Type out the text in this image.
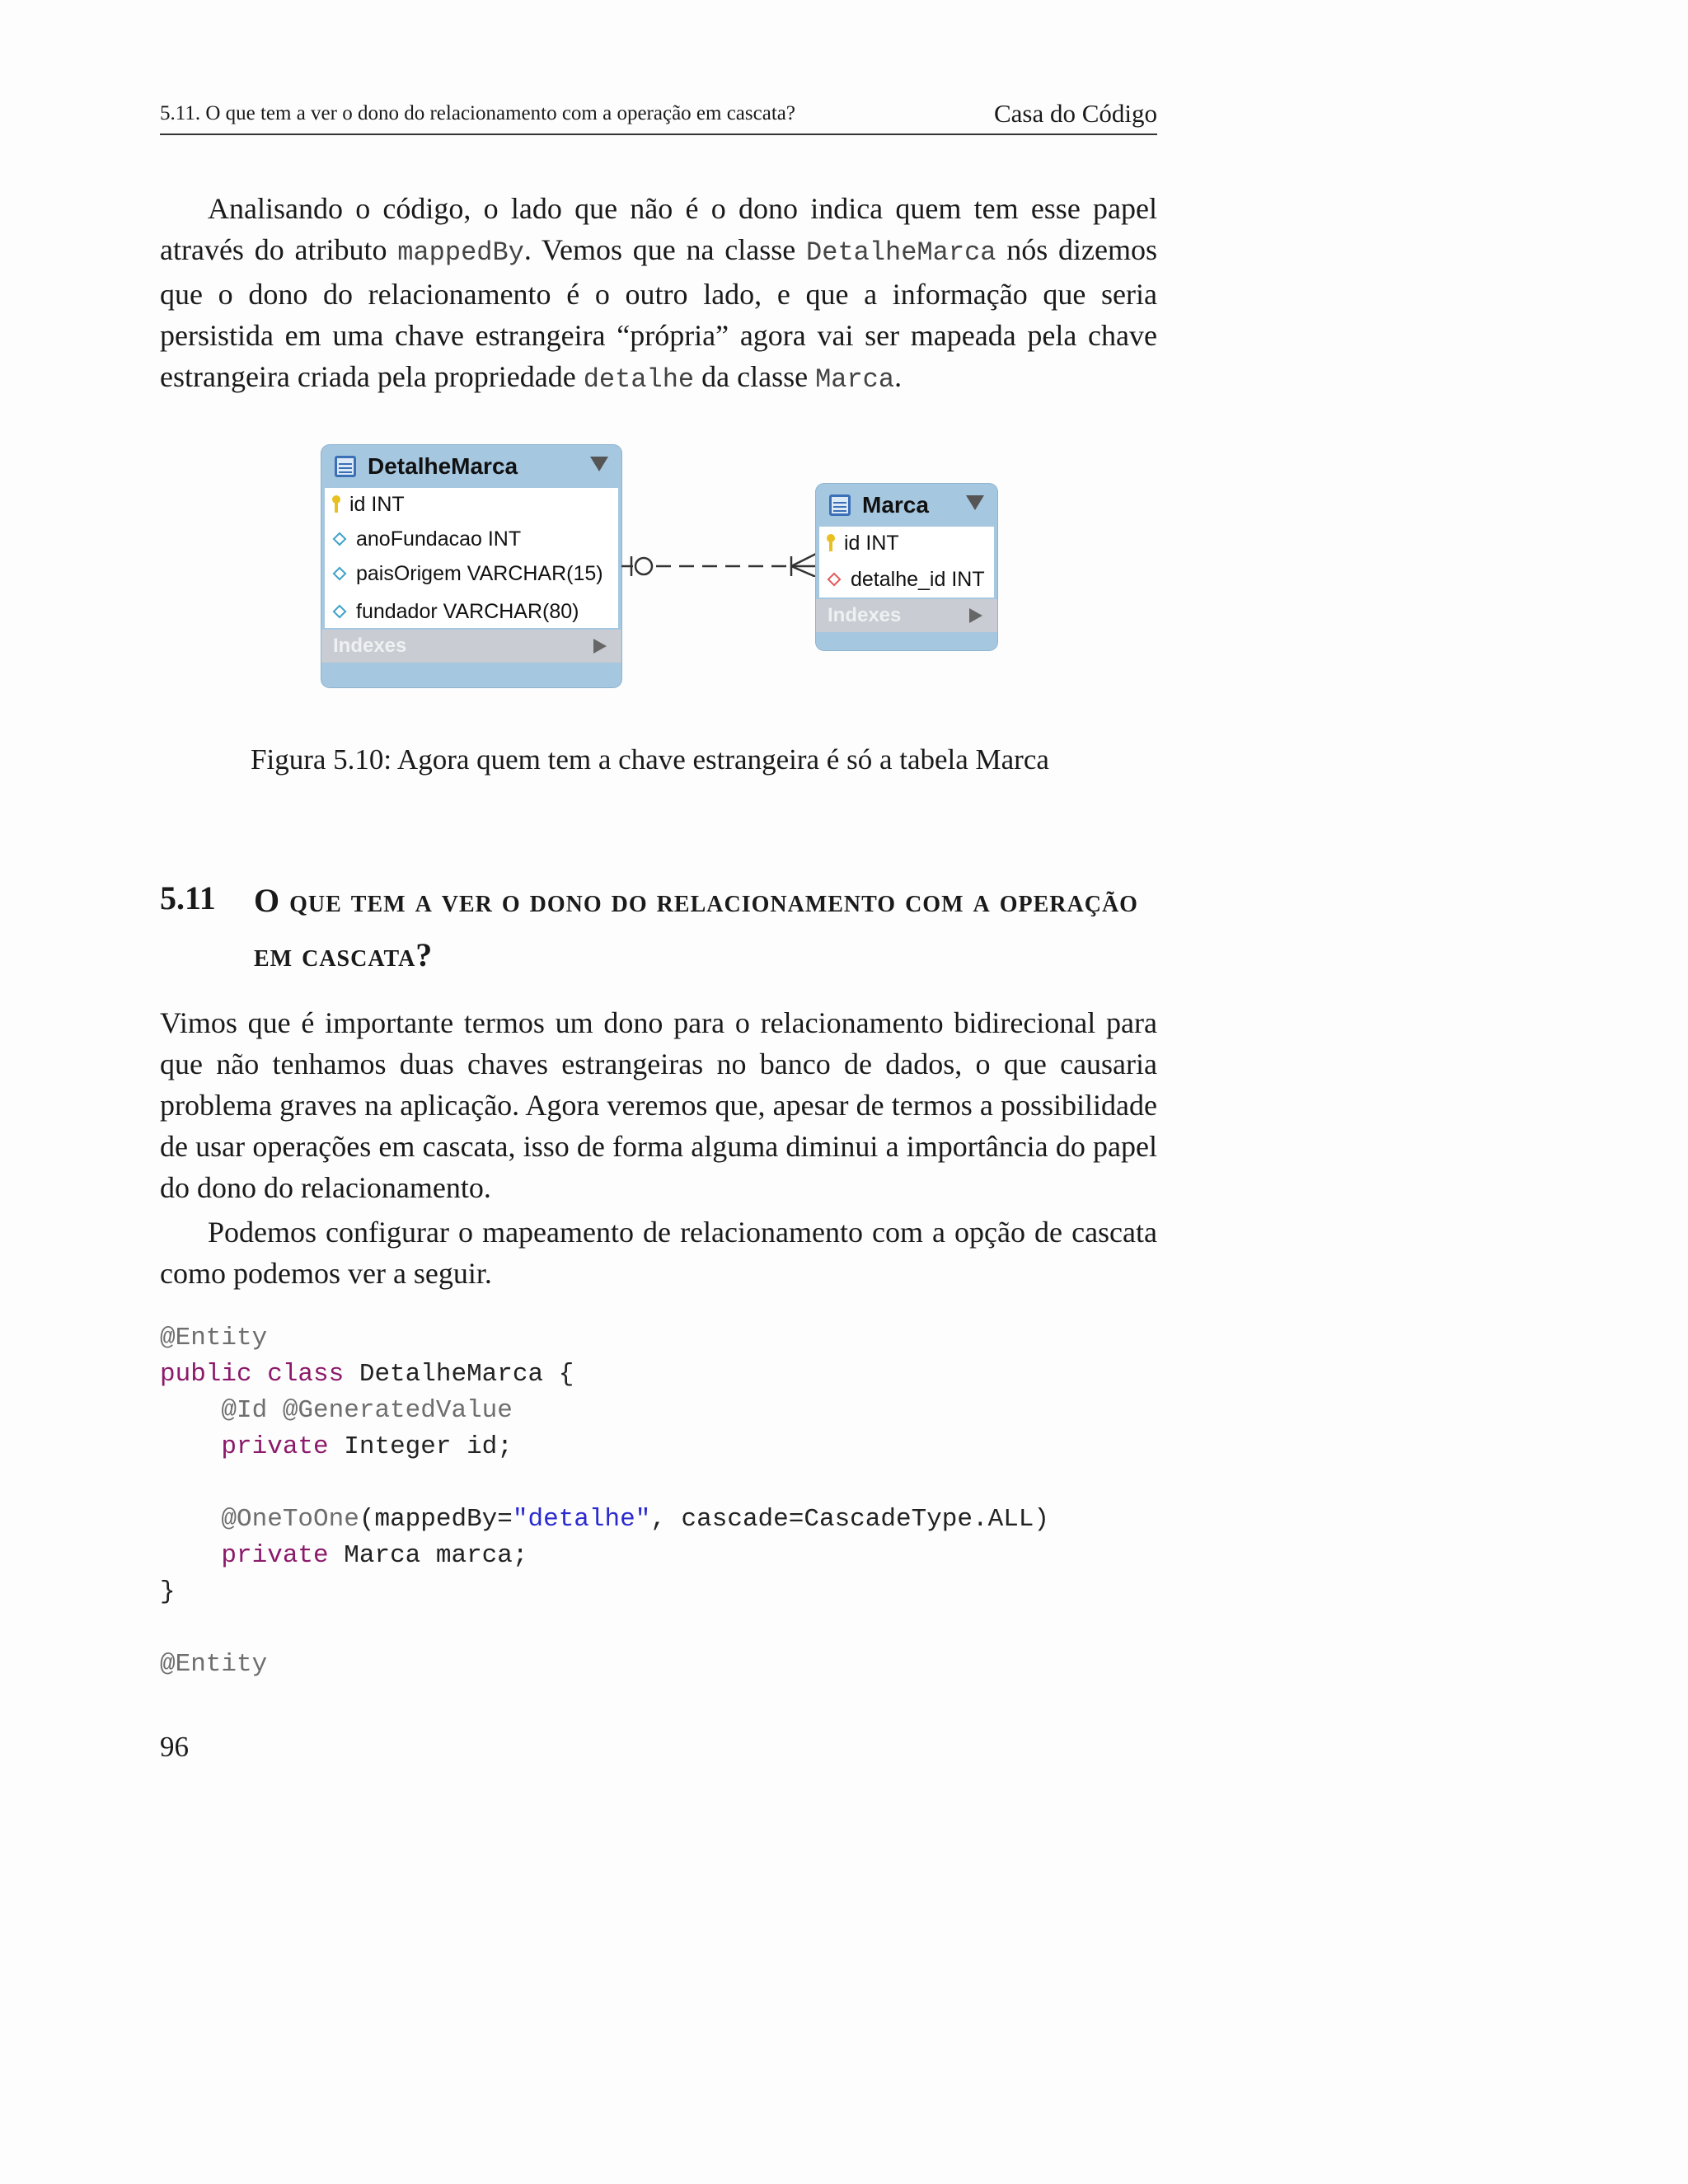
5.11. O que tem a ver o dono do relacionamento com a operação em cascata?	Casa do Código

Analisando o código, o lado que não é o dono indica quem tem esse papel através do atributo mappedBy. Vemos que na classe DetalheMarca nós dizemos que o dono do relacionamento é o outro lado, e que a informação que seria persistida em uma chave estrangeira “própria” agora vai ser mapeada pela chave estrangeira criada pela propriedade detalhe da classe Marca.

DetalheMarca
id INT
anoFundacao INT
paisOrigem VARCHAR(15)
fundador VARCHAR(80)
Indexes
Marca
id INT
detalhe_id INT
Indexes
Figura 5.10: Agora quem tem a chave estrangeira é só a tabela Marca
5.11 O que tem a ver o dono do relacionamento com a operação em cascata?

Vimos que é importante termos um dono para o relacionamento bidirecional para que não tenhamos duas chaves estrangeiras no banco de dados, o que causaria problema graves na aplicação. Agora veremos que, apesar de termos a possibilidade de usar operações em cascata, isso de forma alguma diminui a importância do papel do dono do relacionamento.

Podemos configurar o mapeamento de relacionamento com a opção de cascata como podemos ver a seguir.

@Entity
public class DetalheMarca {
@Id @GeneratedValue
private Integer id;

@OneToOne(mappedBy="detalhe", cascade=CascadeType.ALL)
private Marca marca;
}

@Entity
96
